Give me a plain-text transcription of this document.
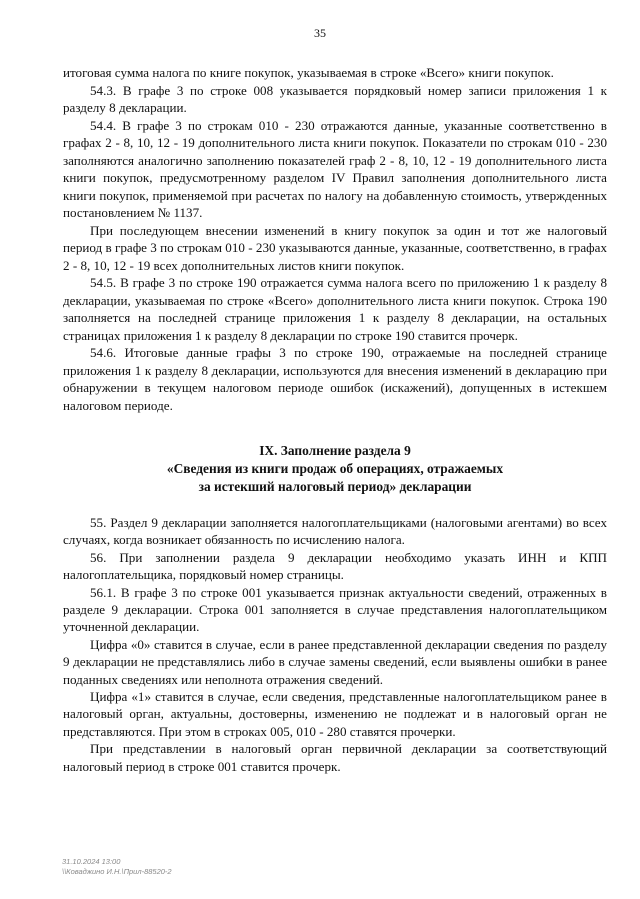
35

итоговая сумма налога по книге покупок, указываемая в строке «Всего» книги покупок.

54.3. В графе 3 по строке 008 указывается порядковый номер записи приложения 1 к разделу 8 декларации.

54.4. В графе 3 по строкам 010 - 230 отражаются данные, указанные соответственно в графах 2 - 8, 10, 12 - 19 дополнительного листа книги покупок. Показатели по строкам 010 - 230 заполняются аналогично заполнению показателей граф 2 - 8, 10, 12 - 19 дополнительного листа книги покупок, предусмотренному разделом IV Правил заполнения дополнительного листа книги покупок, применяемой при расчетах по налогу на добавленную стоимость, утвержденных постановлением № 1137.

При последующем внесении изменений в книгу покупок за один и тот же налоговый период в графе 3 по строкам 010 - 230 указываются данные, указанные, соответственно, в графах 2 - 8, 10, 12 - 19 всех дополнительных листов книги покупок.

54.5. В графе 3 по строке 190 отражается сумма налога всего по приложению 1 к разделу 8 декларации, указываемая по строке «Всего» дополнительного листа книги покупок. Строка 190 заполняется на последней странице приложения 1 к разделу 8 декларации, на остальных страницах приложения 1 к разделу 8 декларации по строке 190 ставится прочерк.

54.6. Итоговые данные графы 3 по строке 190, отражаемые на последней странице приложения 1 к разделу 8 декларации, используются для внесения изменений в декларацию при обнаружении в текущем налоговом периоде ошибок (искажений), допущенных в истекшем налоговом периоде.

IX. Заполнение раздела 9
«Сведения из книги продаж об операциях, отражаемых
за истекший налоговый период» декларации

55. Раздел 9 декларации заполняется налогоплательщиками (налоговыми агентами) во всех случаях, когда возникает обязанность по исчислению налога.

56. При заполнении раздела 9 декларации необходимо указать ИНН и КПП налогоплательщика, порядковый номер страницы.

56.1. В графе 3 по строке 001 указывается признак актуальности сведений, отраженных в разделе 9 декларации. Строка 001 заполняется в случае представления налогоплательщиком уточненной декларации.

Цифра «0» ставится в случае, если в ранее представленной декларации сведения по разделу 9 декларации не представлялись либо в случае замены сведений, если выявлены ошибки в ранее поданных сведениях или неполнота отражения сведений.

Цифра «1» ставится в случае, если сведения, представленные налогоплательщиком ранее в налоговый орган, актуальны, достоверны, изменению не подлежат и в налоговый орган не представляются. При этом в строках 005, 010 - 280 ставятся прочерки.

При представлении в налоговый орган первичной декларации за соответствующий налоговый период в строке 001 ставится прочерк.

31.10.2024 13:00
\\Коваджино И.Н.\Прил-88520-2
